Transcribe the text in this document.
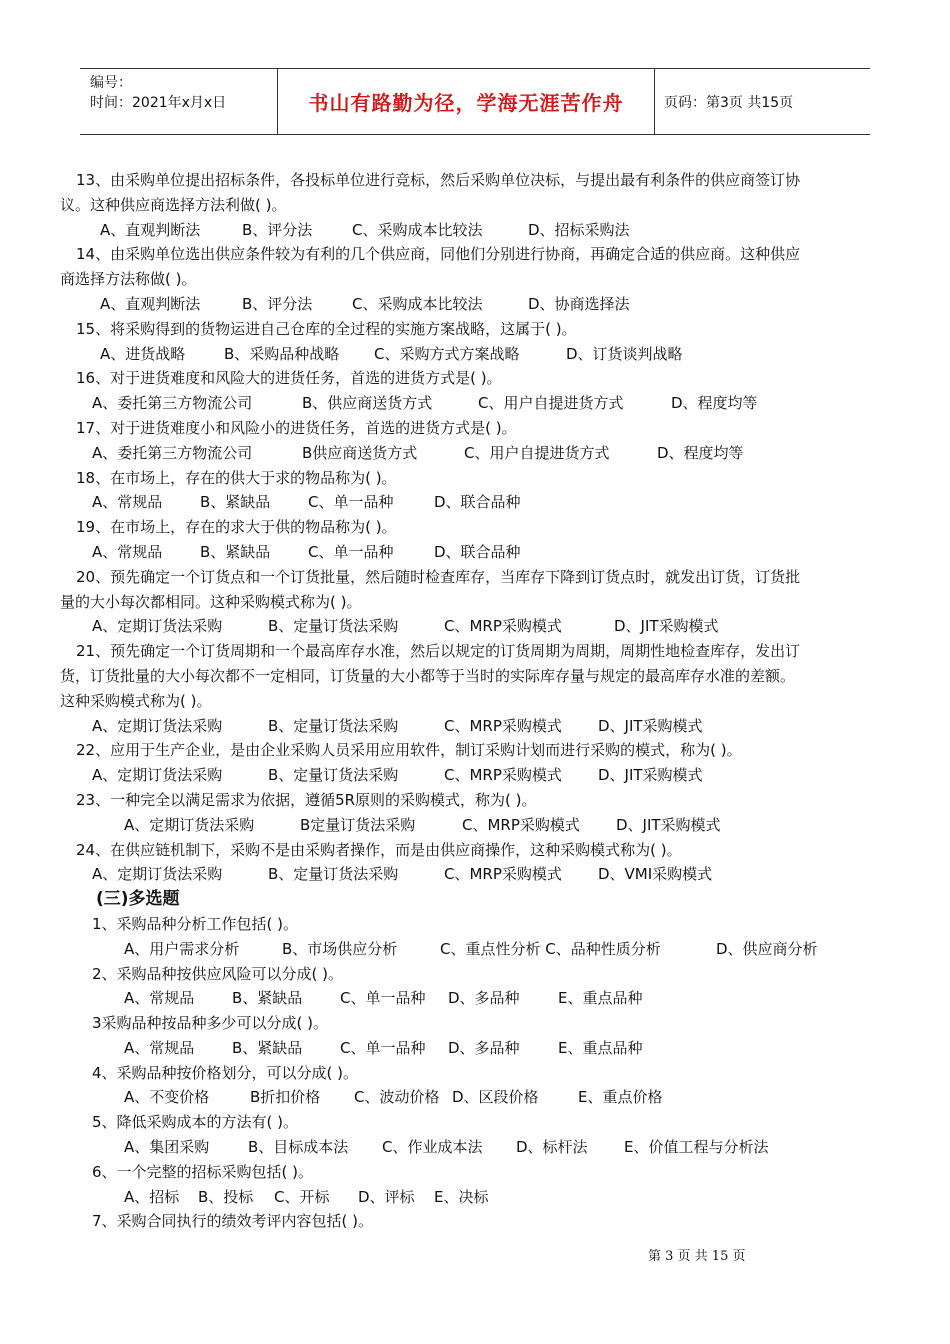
编号：
时间：2021年x月x日	书山有路勤为径，学海无涯苦作舟	页码：第3页 共15页
13、由采购单位提出招标条件，各投标单位进行竞标，然后采购单位决标，与提出最有利条件的供应商签订协
议。这种供应商选择方法利做( )。
A、直观判断法	B、评分法	C、采购成本比较法	D、招标采购法
14、由采购单位选出供应条件较为有利的几个供应商，同他们分别进行协商，再确定合适的供应商。这种供应
商选择方法称做( )。
A、直观判断法	B、评分法	C、采购成本比较法	D、协商选择法
15、将采购得到的货物运进自己仓库的全过程的实施方案战略，这属于( )。
A、进货战略	B、采购品种战略 C、采购方式方案战略	D、订货谈判战略
16、对于进货难度和风险大的进货任务，首选的进货方式是( )。
A、委托第三方物流公司	B、供应商送货方式	C、用户自提进货方式	D、程度均等
17、对于进货难度小和风险小的进货任务，首选的进货方式是( )。
A、委托第三方物流公司	B供应商送货方式	C、用户自提进货方式	D、程度均等
18、在市场上，存在的供大于求的物品称为( )。
A、常规品	B、紧缺品	C、单一品种	D、联合品种
19、在市场上，存在的求大于供的物品称为( )。
A、常规品	B、紧缺品	C、单一品种	D、联合品种
20、预先确定一个订货点和一个订货批量，然后随时检查库存，当库存下降到订货点时，就发出订货，订货批
量的大小每次都相同。这种采购模式称为( )。
A、定期订货法采购	B、定量订货法采购	C、MRP采购模式	D、JIT采购模式
21、预先确定一个订货周期和一个最高库存水准，然后以规定的订货周期为周期，周期性地检查库存，发出订
货，订货批量的大小每次都不一定相同，订货量的大小都等于当时的实际库存量与规定的最高库存水准的差额。
这种采购模式称为( )。
A、定期订货法采购	B、定量订货法采购	C、MRP采购模式 D、JIT采购模式
22、应用于生产企业，是由企业采购人员采用应用软件，制订采购计划而进行采购的模式，称为( )。
A、定期订货法采购	B、定量订货法采购	C、MRP采购模式 D、JIT采购模式
23、一种完全以满足需求为依据，遵循5R原则的采购模式，称为( )。
A、定期订货法采购	B定量订货法采购	C、MRP采购模式 D、JIT采购模式
24、在供应链机制下，采购不是由采购者操作，而是由供应商操作，这种采购模式称为( )。
A、定期订货法采购	B、定量订货法采购	C、MRP采购模式 D、VMI采购模式
(三)多选题
1、采购品种分析工作包括( )。
A、用户需求分析	B、市场供应分析	C、重点性分析 C、品种性质分析	D、供应商分析
2、采购品种按供应风险可以分成( )。
A、常规品	B、紧缺品	C、单一品种 D、多品种	E、重点品种
3采购品种按品种多少可以分成( )。
A、常规品	B、紧缺品	C、单一品种 D、多品种	E、重点品种
4、采购品种按价格划分，可以分成( )。
A、不变价格	B折扣价格 C、波动价格 D、区段价格	E、重点价格
5、降低采购成本的方法有( )。
A、集团采购	B、目标成本法 C、作业成本法 D、标杆法 E、价值工程与分析法
6、一个完整的招标采购包括( )。
A、招标 B、投标 C、开标 D、评标 E、决标
7、采购合同执行的绩效考评内容包括( )。
第 3 页 共 15 页
